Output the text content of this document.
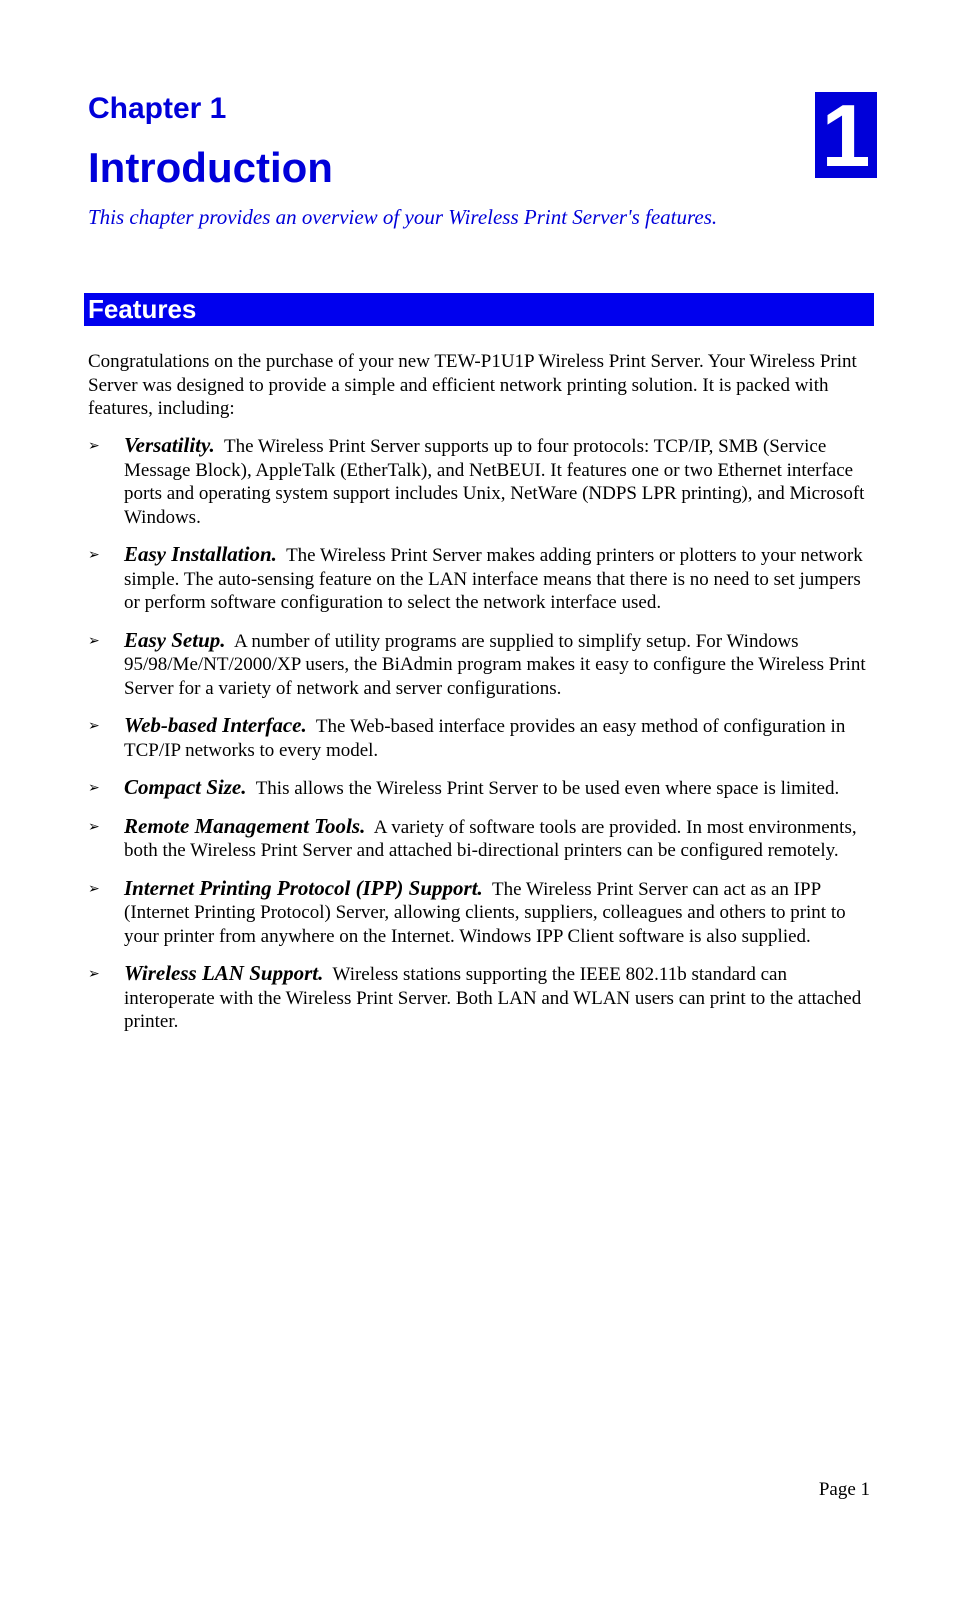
Chapter 1
Introduction	1

This chapter provides an overview of your Wireless Print Server's features.

Features

Congratulations on the purchase of your new TEW-P1U1P Wireless Print Server. Your Wireless Print Server was designed to provide a simple and efficient network printing solution. It is packed with features, including:

➢ Versatility. The Wireless Print Server supports up to four protocols: TCP/IP, SMB (Service Message Block), AppleTalk (EtherTalk), and NetBEUI. It features one or two Ethernet interface ports and operating system support includes Unix, NetWare (NDPS LPR printing), and Microsoft Windows.
➢ Easy Installation. The Wireless Print Server makes adding printers or plotters to your network simple. The auto-sensing feature on the LAN interface means that there is no need to set jumpers or perform software configuration to select the network interface used.
➢ Easy Setup. A number of utility programs are supplied to simplify setup. For Windows 95/98/Me/NT/2000/XP users, the BiAdmin program makes it easy to configure the Wireless Print Server for a variety of network and server configurations.
➢ Web-based Interface. The Web-based interface provides an easy method of configuration in TCP/IP networks to every model.
➢ Compact Size. This allows the Wireless Print Server to be used even where space is limited.
➢ Remote Management Tools. A variety of software tools are provided. In most environments, both the Wireless Print Server and attached bi-directional printers can be configured remotely.
➢ Internet Printing Protocol (IPP) Support. The Wireless Print Server can act as an IPP (Internet Printing Protocol) Server, allowing clients, suppliers, colleagues and others to print to your printer from anywhere on the Internet. Windows IPP Client software is also supplied.
➢ Wireless LAN Support. Wireless stations supporting the IEEE 802.11b standard can interoperate with the Wireless Print Server. Both LAN and WLAN users can print to the attached printer.

Page 1
